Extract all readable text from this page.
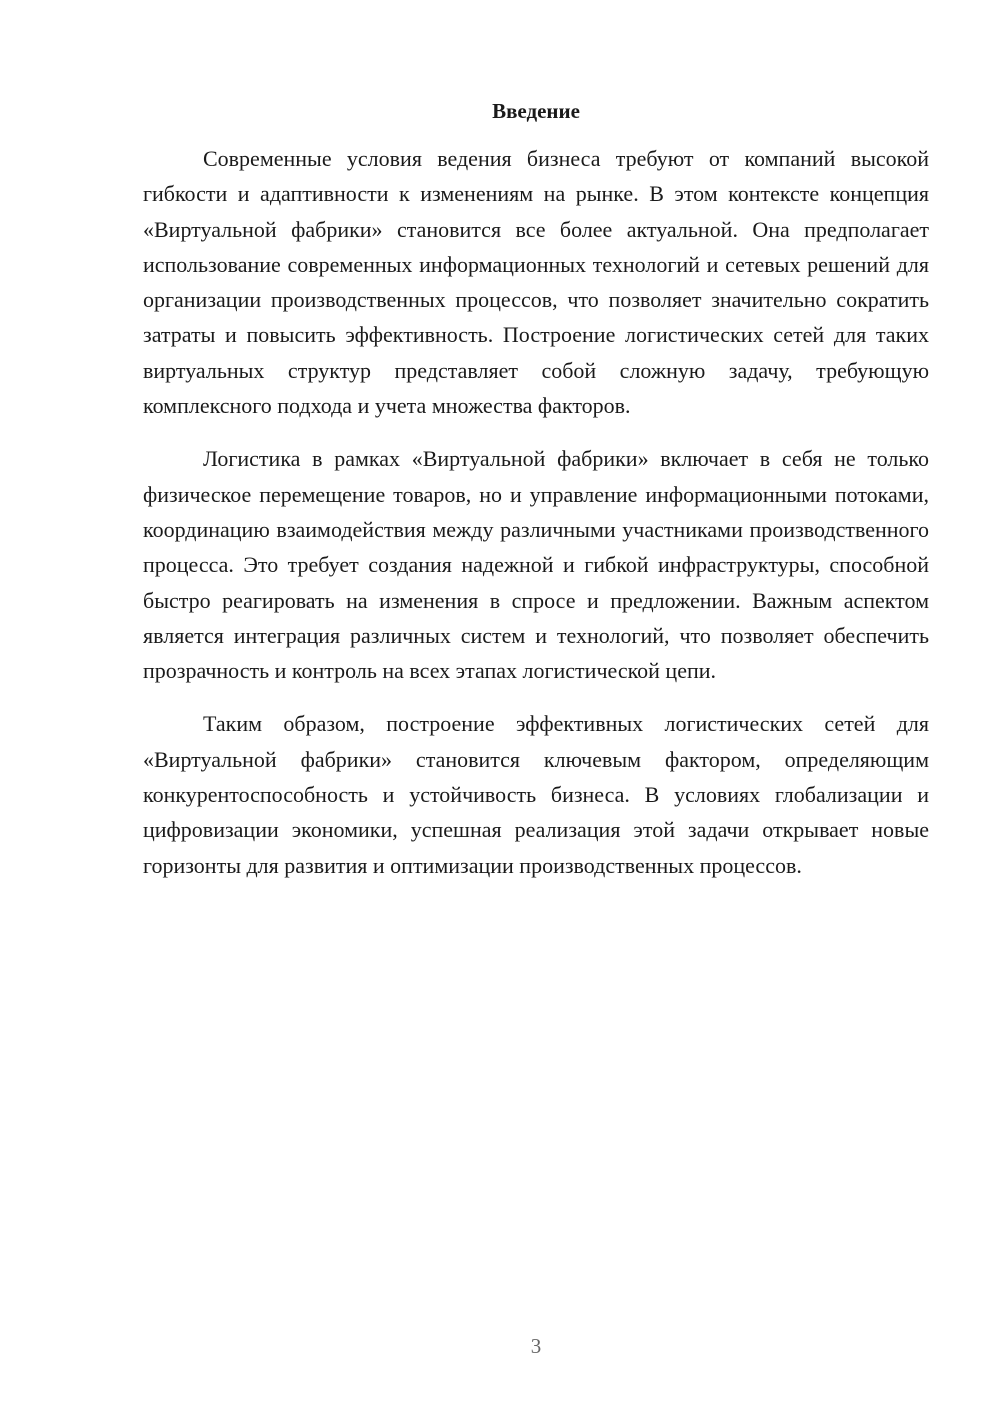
Введение

Современные условия ведения бизнеса требуют от компаний высокой гибкости и адаптивности к изменениям на рынке. В этом контексте концепция «Виртуальной фабрики» становится все более актуальной. Она предполагает использование современных информационных технологий и сетевых решений для организации производственных процессов, что позволяет значительно сократить затраты и повысить эффективность. Построение логистических сетей для таких виртуальных структур представляет собой сложную задачу, требующую комплексного подхода и учета множества факторов.

Логистика в рамках «Виртуальной фабрики» включает в себя не только физическое перемещение товаров, но и управление информационными потоками, координацию взаимодействия между различными участниками производственного процесса. Это требует создания надежной и гибкой инфраструктуры, способной быстро реагировать на изменения в спросе и предложении. Важным аспектом является интеграция различных систем и технологий, что позволяет обеспечить прозрачность и контроль на всех этапах логистической цепи.

Таким образом, построение эффективных логистических сетей для «Виртуальной фабрики» становится ключевым фактором, определяющим конкурентоспособность и устойчивость бизнеса. В условиях глобализации и цифровизации экономики, успешная реализация этой задачи открывает новые горизонты для развития и оптимизации производственных процессов.

3
